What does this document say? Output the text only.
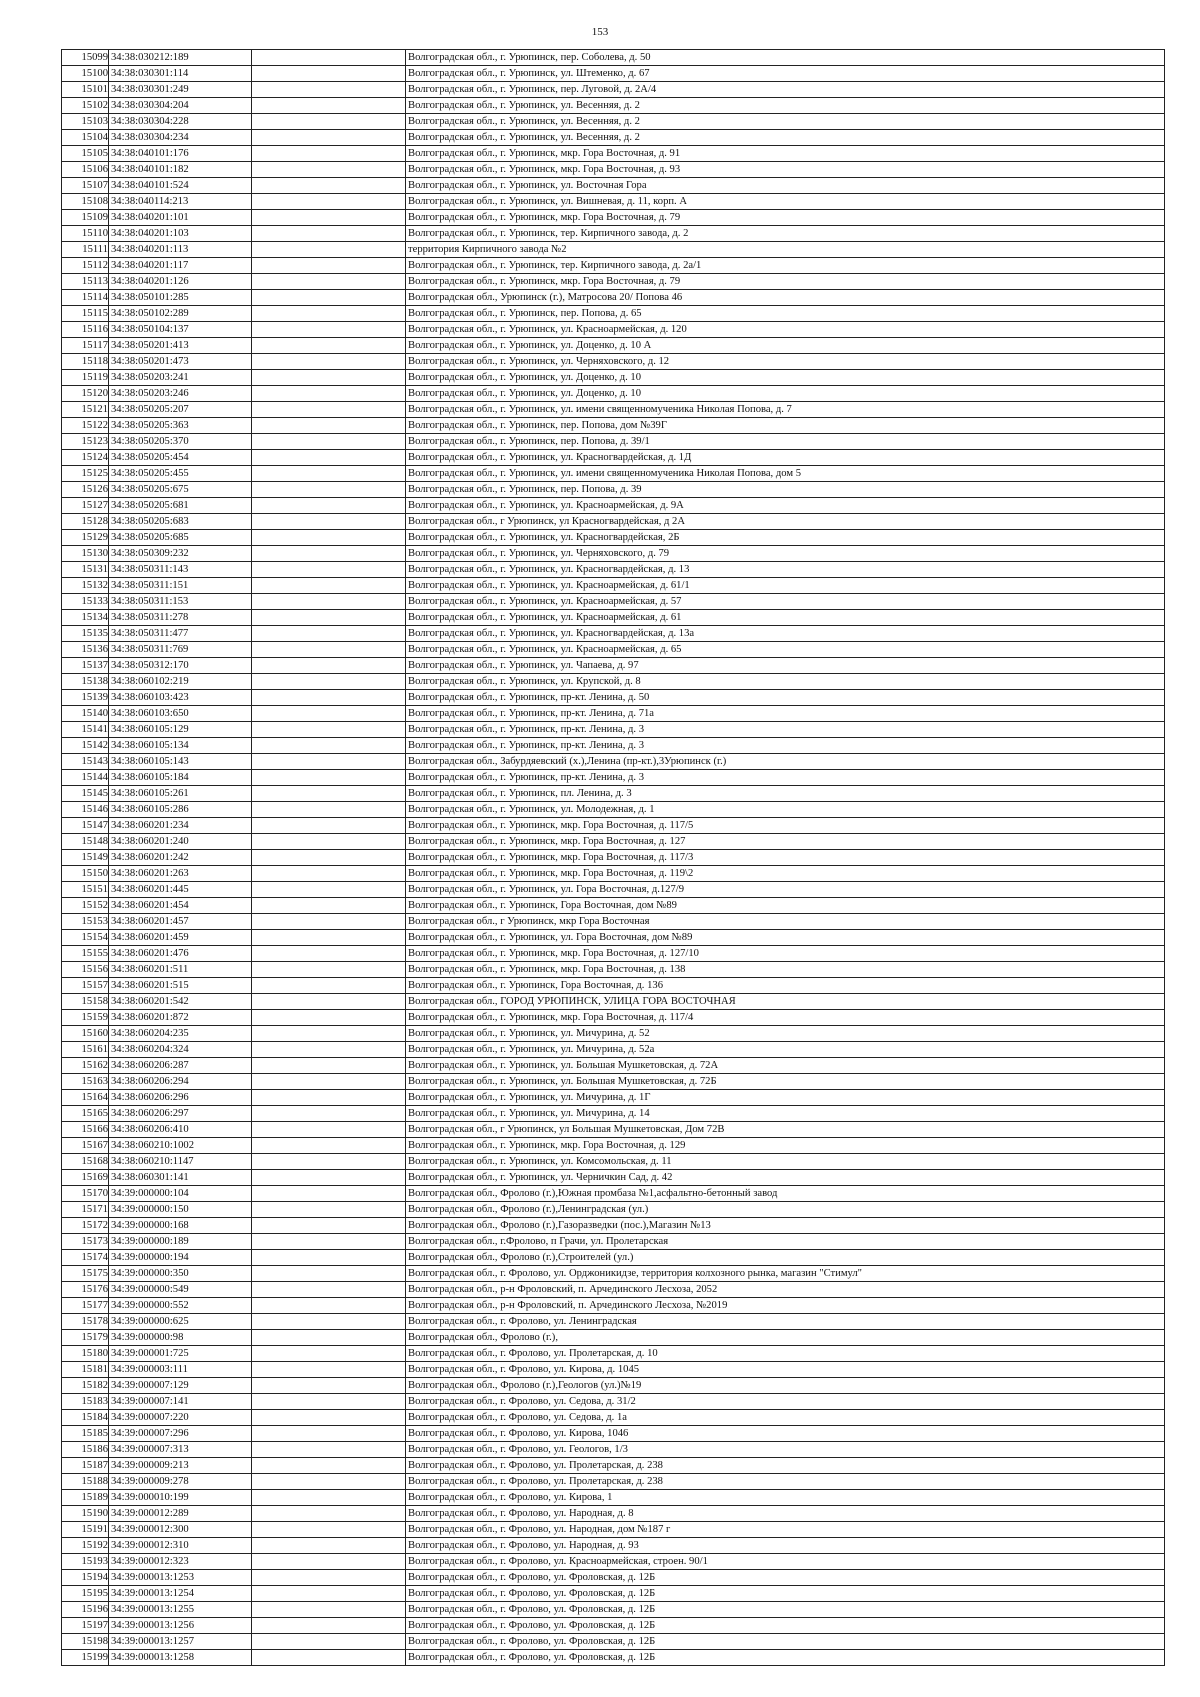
153
15099	34:38:030212:189		Волгоградская обл., г. Урюпинск, пер. Соболева, д. 50
15100	34:38:030301:114		Волгоградская обл., г. Урюпинск, ул. Штеменко, д. 67
15101	34:38:030301:249		Волгоградская обл., г. Урюпинск, пер. Луговой, д. 2А/4
15102	34:38:030304:204		Волгоградская обл., г. Урюпинск, ул. Весенняя, д. 2
15103	34:38:030304:228		Волгоградская обл., г. Урюпинск, ул. Весенняя, д. 2
15104	34:38:030304:234		Волгоградская обл., г. Урюпинск, ул. Весенняя, д. 2
15105	34:38:040101:176		Волгоградская обл., г. Урюпинск, мкр. Гора Восточная, д. 91
15106	34:38:040101:182		Волгоградская обл., г. Урюпинск, мкр. Гора Восточная, д. 93
15107	34:38:040101:524		Волгоградская обл., г. Урюпинск, ул. Восточная Гора
15108	34:38:040114:213		Волгоградская обл., г. Урюпинск, ул. Вишневая, д. 11, корп. А
15109	34:38:040201:101		Волгоградская обл., г. Урюпинск, мкр. Гора Восточная, д. 79
15110	34:38:040201:103		Волгоградская обл., г. Урюпинск, тер. Кирпичного завода, д. 2
15111	34:38:040201:113		территория Кирпичного завода №2
15112	34:38:040201:117		Волгоградская обл., г. Урюпинск, тер. Кирпичного завода, д. 2а/1
15113	34:38:040201:126		Волгоградская обл., г. Урюпинск, мкр. Гора Восточная, д. 79
15114	34:38:050101:285		Волгоградская обл., Урюпинск (г.), Матросова 20/ Попова 46
15115	34:38:050102:289		Волгоградская обл., г. Урюпинск, пер. Попова, д. 65
15116	34:38:050104:137		Волгоградская обл., г. Урюпинск, ул. Красноармейская, д. 120
15117	34:38:050201:413		Волгоградская обл., г. Урюпинск, ул. Доценко, д. 10 А
15118	34:38:050201:473		Волгоградская обл., г. Урюпинск, ул. Черняховского, д. 12
15119	34:38:050203:241		Волгоградская обл., г. Урюпинск, ул. Доценко, д. 10
15120	34:38:050203:246		Волгоградская обл., г. Урюпинск, ул. Доценко, д. 10
15121	34:38:050205:207		Волгоградская обл., г. Урюпинск, ул. имени священномученика Николая Попова, д. 7
15122	34:38:050205:363		Волгоградская обл., г. Урюпинск, пер. Попова, дом №39Г
15123	34:38:050205:370		Волгоградская обл., г. Урюпинск, пер. Попова, д. 39/1
15124	34:38:050205:454		Волгоградская обл., г. Урюпинск, ул. Красногвардейская, д. 1Д
15125	34:38:050205:455		Волгоградская обл., г. Урюпинск, ул. имени священномученика Николая Попова, дом 5
15126	34:38:050205:675		Волгоградская обл., г. Урюпинск, пер. Попова, д. 39
15127	34:38:050205:681		Волгоградская обл., г. Урюпинск, ул. Красноармейская, д. 9А
15128	34:38:050205:683		Волгоградская обл., г Урюпинск, ул Красногвардейская, д 2А
15129	34:38:050205:685		Волгоградская обл., г. Урюпинск, ул. Красногвардейская, 2Б
15130	34:38:050309:232		Волгоградская обл., г. Урюпинск, ул. Черняховского, д. 79
15131	34:38:050311:143		Волгоградская обл., г. Урюпинск, ул. Красногвардейская, д. 13
15132	34:38:050311:151		Волгоградская обл., г. Урюпинск, ул. Красноармейская, д. 61/1
15133	34:38:050311:153		Волгоградская обл., г. Урюпинск, ул. Красноармейская, д. 57
15134	34:38:050311:278		Волгоградская обл., г. Урюпинск, ул. Красноармейская, д. 61
15135	34:38:050311:477		Волгоградская обл., г. Урюпинск, ул. Красногвардейская, д. 13а
15136	34:38:050311:769		Волгоградская обл., г. Урюпинск, ул. Красноармейская, д. 65
15137	34:38:050312:170		Волгоградская обл., г. Урюпинск, ул. Чапаева, д. 97
15138	34:38:060102:219		Волгоградская обл., г. Урюпинск, ул. Крупской, д. 8
15139	34:38:060103:423		Волгоградская обл., г. Урюпинск, пр-кт. Ленина, д. 50
15140	34:38:060103:650		Волгоградская обл., г. Урюпинск, пр-кт. Ленина, д. 71а
15141	34:38:060105:129		Волгоградская обл., г. Урюпинск, пр-кт. Ленина, д. 3
15142	34:38:060105:134		Волгоградская обл., г. Урюпинск, пр-кт. Ленина, д. 3
15143	34:38:060105:143		Волгоградская обл., Забурдяевский (х.),Ленина (пр-кт.),3Урюпинск (г.)
15144	34:38:060105:184		Волгоградская обл., г. Урюпинск, пр-кт. Ленина, д. 3
15145	34:38:060105:261		Волгоградская обл., г. Урюпинск, пл. Ленина, д. 3
15146	34:38:060105:286		Волгоградская обл., г. Урюпинск, ул. Молодежная, д. 1
15147	34:38:060201:234		Волгоградская обл., г. Урюпинск, мкр. Гора Восточная, д. 117/5
15148	34:38:060201:240		Волгоградская обл., г. Урюпинск, мкр. Гора Восточная, д. 127
15149	34:38:060201:242		Волгоградская обл., г. Урюпинск, мкр. Гора Восточная, д. 117/3
15150	34:38:060201:263		Волгоградская обл., г. Урюпинск, мкр. Гора Восточная, д. 119\2
15151	34:38:060201:445		Волгоградская обл., г. Урюпинск, ул. Гора Восточная, д.127/9
15152	34:38:060201:454		Волгоградская обл., г. Урюпинск, Гора Восточная, дом №89
15153	34:38:060201:457		Волгоградская обл., г Урюпинск, мкр Гора Восточная
15154	34:38:060201:459		Волгоградская обл., г. Урюпинск, ул. Гора Восточная, дом №89
15155	34:38:060201:476		Волгоградская обл., г. Урюпинск, мкр. Гора Восточная, д. 127/10
15156	34:38:060201:511		Волгоградская обл., г. Урюпинск, мкр. Гора Восточная, д. 138
15157	34:38:060201:515		Волгоградская обл., г. Урюпинск, Гора Восточная, д. 136
15158	34:38:060201:542		Волгоградская обл., ГОРОД УРЮПИНСК, УЛИЦА ГОРА ВОСТОЧНАЯ
15159	34:38:060201:872		Волгоградская обл., г. Урюпинск, мкр. Гора Восточная, д. 117/4
15160	34:38:060204:235		Волгоградская обл., г. Урюпинск, ул. Мичурина, д. 52
15161	34:38:060204:324		Волгоградская обл., г. Урюпинск, ул. Мичурина, д. 52а
15162	34:38:060206:287		Волгоградская обл., г. Урюпинск, ул. Большая Мушкетовская, д. 72А
15163	34:38:060206:294		Волгоградская обл., г. Урюпинск, ул. Большая Мушкетовская, д. 72Б
15164	34:38:060206:296		Волгоградская обл., г. Урюпинск, ул. Мичурина, д. 1Г
15165	34:38:060206:297		Волгоградская обл., г. Урюпинск, ул. Мичурина, д. 14
15166	34:38:060206:410		Волгоградская обл., г Урюпинск, ул Большая Мушкетовская, Дом 72В
15167	34:38:060210:1002		Волгоградская обл., г. Урюпинск, мкр. Гора Восточная, д. 129
15168	34:38:060210:1147		Волгоградская обл., г. Урюпинск, ул. Комсомольская, д. 11
15169	34:38:060301:141		Волгоградская обл., г. Урюпинск, ул. Черничкин Сад, д. 42
15170	34:39:000000:104		Волгоградская обл., Фролово (г.),Южная промбаза №1,асфальтно-бетонный завод
15171	34:39:000000:150		Волгоградская обл., Фролово (г.),Ленинградская (ул.)
15172	34:39:000000:168		Волгоградская обл., Фролово (г.),Газоразведки (пос.),Магазин №13
15173	34:39:000000:189		Волгоградская обл., г.Фролово, п Грачи, ул. Пролетарская
15174	34:39:000000:194		Волгоградская обл., Фролово (г.),Строителей (ул.)
15175	34:39:000000:350		Волгоградская обл., г. Фролово, ул. Орджоникидзе, территория колхозного рынка, магазин "Стимул"
15176	34:39:000000:549		Волгоградская обл., р-н Фроловский, п. Арчединского Лесхоза, 2052
15177	34:39:000000:552		Волгоградская обл., р-н Фроловский, п. Арчединского Лесхоза, №2019
15178	34:39:000000:625		Волгоградская обл., г. Фролово, ул. Ленинградская
15179	34:39:000000:98		Волгоградская обл., Фролово (г.),
15180	34:39:000001:725		Волгоградская обл., г. Фролово, ул. Пролетарская, д. 10
15181	34:39:000003:111		Волгоградская обл., г. Фролово, ул. Кирова, д. 1045
15182	34:39:000007:129		Волгоградская обл., Фролово (г.),Геологов (ул.)№19
15183	34:39:000007:141		Волгоградская обл., г. Фролово, ул. Седова, д. 31/2
15184	34:39:000007:220		Волгоградская обл., г. Фролово, ул. Седова, д. 1а
15185	34:39:000007:296		Волгоградская обл., г. Фролово, ул. Кирова, 1046
15186	34:39:000007:313		Волгоградская обл., г. Фролово, ул. Геологов, 1/3
15187	34:39:000009:213		Волгоградская обл., г. Фролово, ул. Пролетарская, д. 238
15188	34:39:000009:278		Волгоградская обл., г. Фролово, ул. Пролетарская, д. 238
15189	34:39:000010:199		Волгоградская обл., г. Фролово, ул. Кирова, 1
15190	34:39:000012:289		Волгоградская обл., г. Фролово, ул. Народная, д. 8
15191	34:39:000012:300		Волгоградская обл., г. Фролово, ул. Народная, дом №187 г
15192	34:39:000012:310		Волгоградская обл., г. Фролово, ул. Народная, д. 93
15193	34:39:000012:323		Волгоградская обл., г. Фролово, ул. Красноармейская, строен. 90/1
15194	34:39:000013:1253		Волгоградская обл., г. Фролово, ул. Фроловская, д. 12Б
15195	34:39:000013:1254		Волгоградская обл., г. Фролово, ул. Фроловская, д. 12Б
15196	34:39:000013:1255		Волгоградская обл., г. Фролово, ул. Фроловская, д. 12Б
15197	34:39:000013:1256		Волгоградская обл., г. Фролово, ул. Фроловская, д. 12Б
15198	34:39:000013:1257		Волгоградская обл., г. Фролово, ул. Фроловская, д. 12Б
15199	34:39:000013:1258		Волгоградская обл., г. Фролово, ул. Фроловская, д. 12Б
